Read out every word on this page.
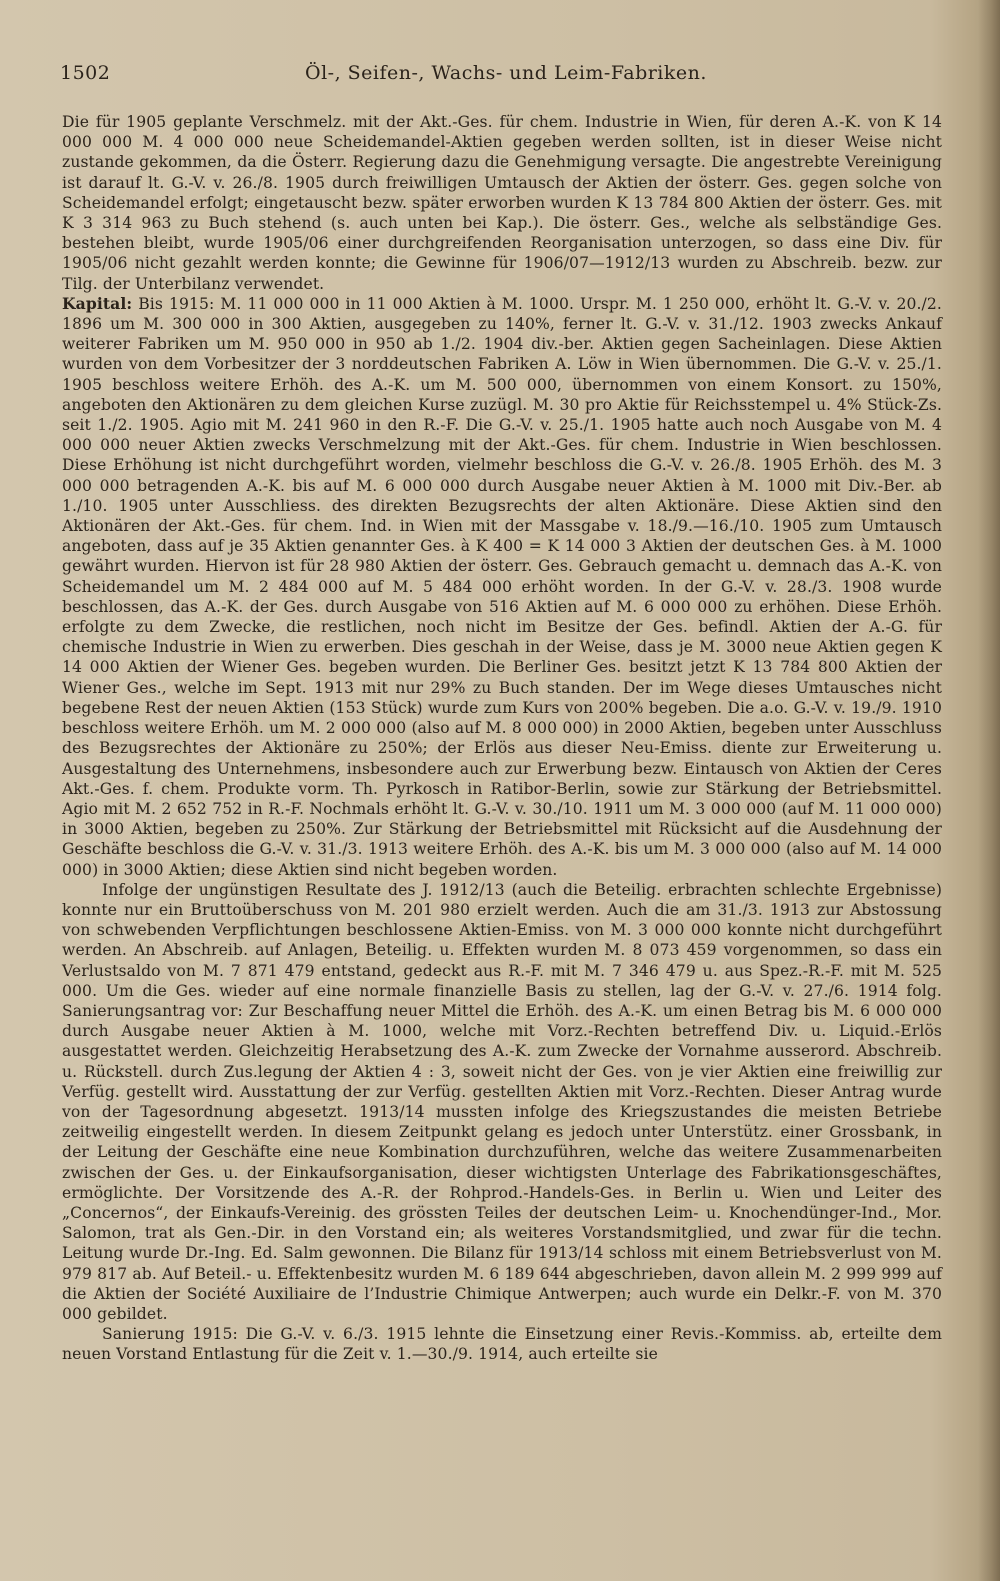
1502	Öl-, Seifen-, Wachs- und Leim-Fabriken.

Die für 1905 geplante Verschmelz. mit der Akt.-Ges. für chem. Industrie in Wien, für deren A.-K. von K 14 000 000 M. 4 000 000 neue Scheidemandel-Aktien gegeben werden sollten, ist in dieser Weise nicht zustande gekommen, da die Österr. Regierung dazu die Genehmigung versagte. Die angestrebte Vereinigung ist darauf lt. G.-V. v. 26./8. 1905 durch freiwilligen Umtausch der Aktien der österr. Ges. gegen solche von Scheidemandel erfolgt; eingetauscht bezw. später erworben wurden K 13 784 800 Aktien der österr. Ges. mit K 3 314 963 zu Buch stehend (s. auch unten bei Kap.). Die österr. Ges., welche als selbständige Ges. bestehen bleibt, wurde 1905/06 einer durchgreifenden Reorganisation unterzogen, so dass eine Div. für 1905/06 nicht gezahlt werden konnte; die Gewinne für 1906/07—1912/13 wurden zu Abschreib. bezw. zur Tilg. der Unterbilanz verwendet.

Kapital: Bis 1915: M. 11 000 000 in 11 000 Aktien à M. 1000. Urspr. M. 1 250 000, erhöht lt. G.-V. v. 20./2. 1896 um M. 300 000 in 300 Aktien, ausgegeben zu 140%, ferner lt. G.-V. v. 31./12. 1903 zwecks Ankauf weiterer Fabriken um M. 950 000 in 950 ab 1./2. 1904 div.-ber. Aktien gegen Sacheinlagen. Diese Aktien wurden von dem Vorbesitzer der 3 norddeutschen Fabriken A. Löw in Wien übernommen. Die G.-V. v. 25./1. 1905 beschloss weitere Erhöh. des A.-K. um M. 500 000, übernommen von einem Konsort. zu 150%, angeboten den Aktionären zu dem gleichen Kurse zuzügl. M. 30 pro Aktie für Reichsstempel u. 4% Stück-Zs. seit 1./2. 1905. Agio mit M. 241 960 in den R.-F. Die G.-V. v. 25./1. 1905 hatte auch noch Ausgabe von M. 4 000 000 neuer Aktien zwecks Verschmelzung mit der Akt.-Ges. für chem. Industrie in Wien beschlossen. Diese Erhöhung ist nicht durchgeführt worden, vielmehr beschloss die G.-V. v. 26./8. 1905 Erhöh. des M. 3 000 000 betragenden A.-K. bis auf M. 6 000 000 durch Ausgabe neuer Aktien à M. 1000 mit Div.-Ber. ab 1./10. 1905 unter Ausschliess. des direkten Bezugsrechts der alten Aktionäre. Diese Aktien sind den Aktionären der Akt.-Ges. für chem. Ind. in Wien mit der Massgabe v. 18./9.—16./10. 1905 zum Umtausch angeboten, dass auf je 35 Aktien genannter Ges. à K 400 = K 14 000 3 Aktien der deutschen Ges. à M. 1000 gewährt wurden. Hiervon ist für 28 980 Aktien der österr. Ges. Gebrauch gemacht u. demnach das A.-K. von Scheidemandel um M. 2 484 000 auf M. 5 484 000 erhöht worden. In der G.-V. v. 28./3. 1908 wurde beschlossen, das A.-K. der Ges. durch Ausgabe von 516 Aktien auf M. 6 000 000 zu erhöhen. Diese Erhöh. erfolgte zu dem Zwecke, die restlichen, noch nicht im Besitze der Ges. befindl. Aktien der A.-G. für chemische Industrie in Wien zu erwerben. Dies geschah in der Weise, dass je M. 3000 neue Aktien gegen K 14 000 Aktien der Wiener Ges. begeben wurden. Die Berliner Ges. besitzt jetzt K 13 784 800 Aktien der Wiener Ges., welche im Sept. 1913 mit nur 29% zu Buch standen. Der im Wege dieses Umtausches nicht begebene Rest der neuen Aktien (153 Stück) wurde zum Kurs von 200% begeben. Die a.o. G.-V. v. 19./9. 1910 beschloss weitere Erhöh. um M. 2 000 000 (also auf M. 8 000 000) in 2000 Aktien, begeben unter Ausschluss des Bezugsrechtes der Aktionäre zu 250%; der Erlös aus dieser Neu-Emiss. diente zur Erweiterung u. Ausgestaltung des Unternehmens, insbesondere auch zur Erwerbung bezw. Eintausch von Aktien der Ceres Akt.-Ges. f. chem. Produkte vorm. Th. Pyrkosch in Ratibor-Berlin, sowie zur Stärkung der Betriebsmittel. Agio mit M. 2 652 752 in R.-F. Nochmals erhöht lt. G.-V. v. 30./10. 1911 um M. 3 000 000 (auf M. 11 000 000) in 3000 Aktien, begeben zu 250%. Zur Stärkung der Betriebsmittel mit Rücksicht auf die Ausdehnung der Geschäfte beschloss die G.-V. v. 31./3. 1913 weitere Erhöh. des A.-K. bis um M. 3 000 000 (also auf M. 14 000 000) in 3000 Aktien; diese Aktien sind nicht begeben worden.

Infolge der ungünstigen Resultate des J. 1912/13 (auch die Beteilig. erbrachten schlechte Ergebnisse) konnte nur ein Bruttoüberschuss von M. 201 980 erzielt werden. Auch die am 31./3. 1913 zur Abstossung von schwebenden Verpflichtungen beschlossene Aktien-Emiss. von M. 3 000 000 konnte nicht durchgeführt werden. An Abschreib. auf Anlagen, Beteilig. u. Effekten wurden M. 8 073 459 vorgenommen, so dass ein Verlustsaldo von M. 7 871 479 entstand, gedeckt aus R.-F. mit M. 7 346 479 u. aus Spez.-R.-F. mit M. 525 000. Um die Ges. wieder auf eine normale finanzielle Basis zu stellen, lag der G.-V. v. 27./6. 1914 folg. Sanierungsantrag vor: Zur Beschaffung neuer Mittel die Erhöh. des A.-K. um einen Betrag bis M. 6 000 000 durch Ausgabe neuer Aktien à M. 1000, welche mit Vorz.-Rechten betreffend Div. u. Liquid.-Erlös ausgestattet werden. Gleichzeitig Herabsetzung des A.-K. zum Zwecke der Vornahme ausserord. Abschreib. u. Rückstell. durch Zus.legung der Aktien 4 : 3, soweit nicht der Ges. von je vier Aktien eine freiwillig zur Verfüg. gestellt wird. Ausstattung der zur Verfüg. gestellten Aktien mit Vorz.-Rechten. Dieser Antrag wurde von der Tagesordnung abgesetzt. 1913/14 mussten infolge des Kriegszustandes die meisten Betriebe zeitweilig eingestellt werden. In diesem Zeitpunkt gelang es jedoch unter Unterstütz. einer Grossbank, in der Leitung der Geschäfte eine neue Kombination durchzuführen, welche das weitere Zusammenarbeiten zwischen der Ges. u. der Einkaufsorganisation, dieser wichtigsten Unterlage des Fabrikationsgeschäftes, ermöglichte. Der Vorsitzende des A.-R. der Rohprod.-Handels-Ges. in Berlin u. Wien und Leiter des „Concernos“, der Einkaufs-Vereinig. des grössten Teiles der deutschen Leim- u. Knochendünger-Ind., Mor. Salomon, trat als Gen.-Dir. in den Vorstand ein; als weiteres Vorstandsmitglied, und zwar für die techn. Leitung wurde Dr.-Ing. Ed. Salm gewonnen. Die Bilanz für 1913/14 schloss mit einem Betriebsverlust von M. 979 817 ab. Auf Beteil.- u. Effektenbesitz wurden M. 6 189 644 abgeschrieben, davon allein M. 2 999 999 auf die Aktien der Société Auxiliaire de l’Industrie Chimique Antwerpen; auch wurde ein Delkr.-F. von M. 370 000 gebildet.

Sanierung 1915: Die G.-V. v. 6./3. 1915 lehnte die Einsetzung einer Revis.-Kommiss. ab, erteilte dem neuen Vorstand Entlastung für die Zeit v. 1.—30./9. 1914, auch erteilte sie
